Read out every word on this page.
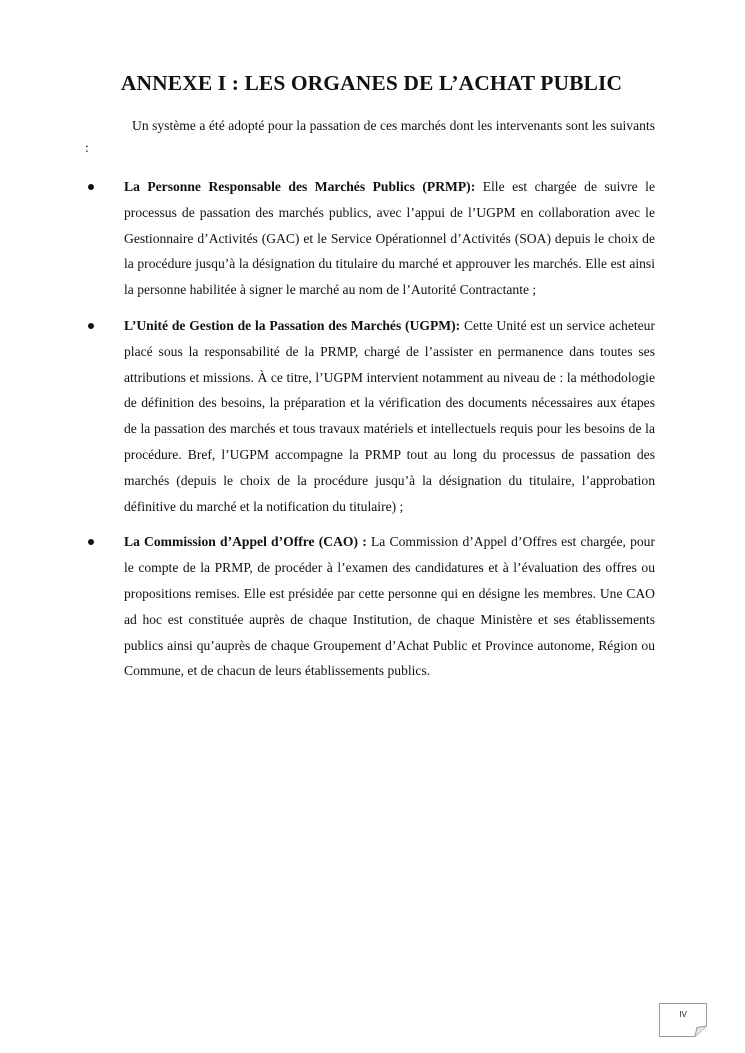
ANNEXE I : LES ORGANES DE L’ACHAT PUBLIC

Un système a été adopté pour la passation de ces marchés dont les intervenants sont les suivants :

La Personne Responsable des Marchés Publics (PRMP): Elle est chargée de suivre le processus de passation des marchés publics, avec l’appui de l’UGPM en collaboration avec le Gestionnaire d’Activités (GAC) et le Service Opérationnel d’Activités (SOA) depuis le choix de la procédure jusqu’à la désignation du titulaire du marché et approuver les marchés. Elle est ainsi la personne habilitée à signer le marché au nom de l’Autorité Contractante ;
L’Unité de Gestion de la Passation des Marchés (UGPM): Cette Unité est un service acheteur placé sous la responsabilité de la PRMP, chargé de l’assister en permanence dans toutes ses attributions et missions. À ce titre, l’UGPM intervient notamment au niveau de : la méthodologie de définition des besoins, la préparation et la vérification des documents nécessaires aux étapes de la passation des marchés et tous travaux matériels et intellectuels requis pour les besoins de la procédure. Bref, l’UGPM accompagne la PRMP tout au long du processus de passation des marchés (depuis le choix de la procédure jusqu’à la désignation du titulaire, l’approbation définitive du marché et la notification du titulaire) ;
La Commission d’Appel d’Offre (CAO) : La Commission d’Appel d’Offres est chargée, pour le compte de la PRMP, de procéder à l’examen des candidatures et à l’évaluation des offres ou propositions remises. Elle est présidée par cette personne qui en désigne les membres. Une CAO ad hoc est constituée auprès de chaque Institution, de chaque Ministère et ses établissements publics ainsi qu’auprès de chaque Groupement d’Achat Public et Province autonome, Région ou Commune, et de chacun de leurs établissements publics.
IV
